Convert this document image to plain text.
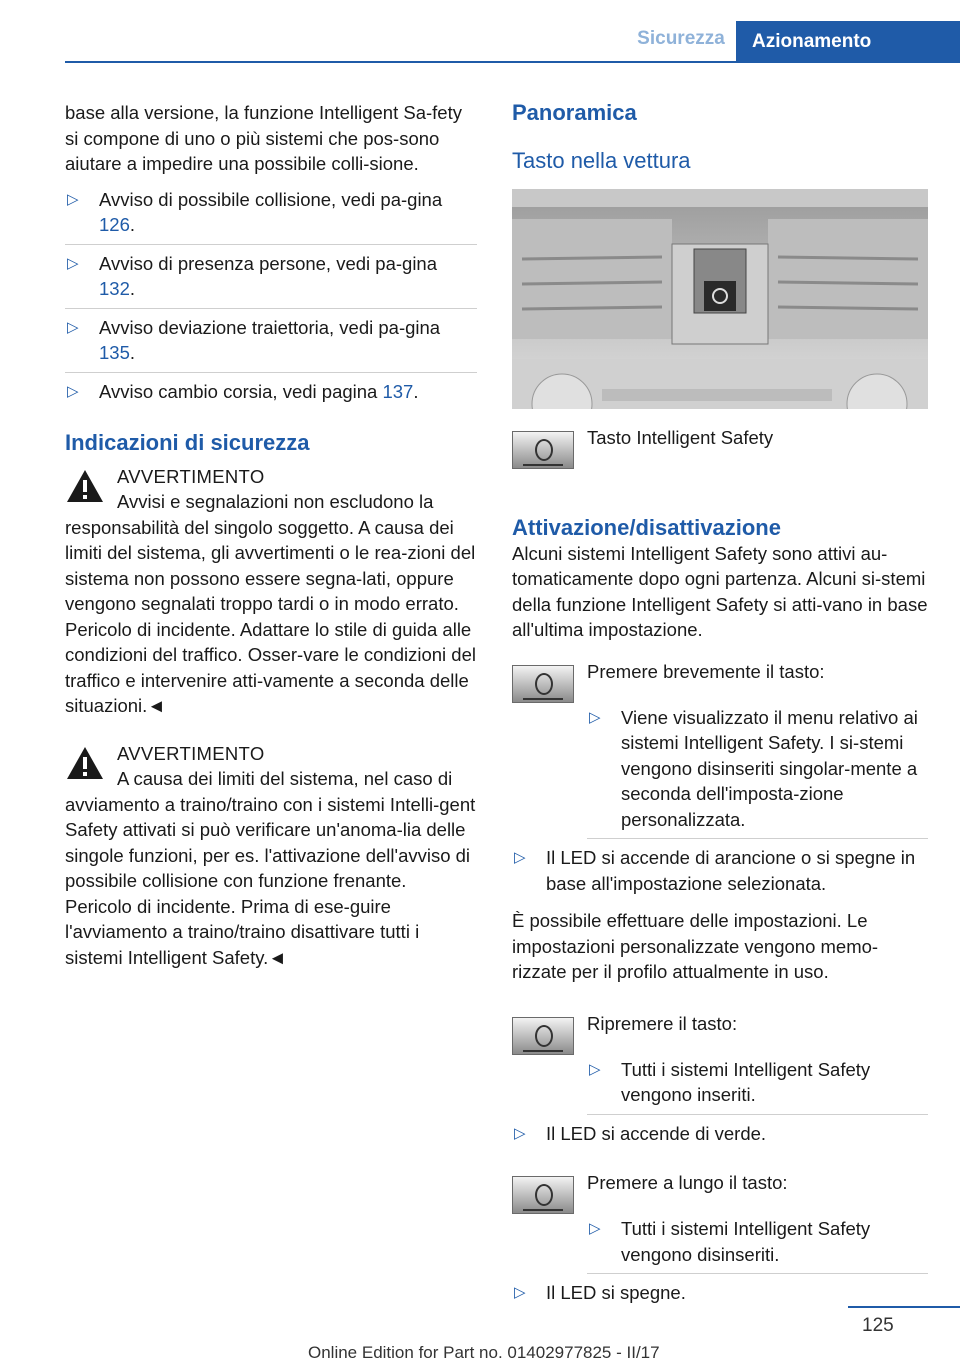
Sicurezza	Azionamento

base alla versione, la funzione Intelligent Sa-fety si compone di uno o più sistemi che pos-sono aiutare a impedire una possibile colli-sione.

▷ Avviso di possibile collisione, vedi pa-gina 126.
▷ Avviso di presenza persone, vedi pa-gina 132.
▷ Avviso deviazione traiettoria, vedi pa-gina 135.
▷ Avviso cambio corsia, vedi pagina 137.
Indicazioni di sicurezza
AVVERTIMENTO

Avvisi e segnalazioni non escludono la responsabilità del singolo soggetto. A causa dei limiti del sistema, gli avvertimenti o le rea-zioni del sistema non possono essere segna-lati, oppure vengono segnalati troppo tardi o in modo errato. Pericolo di incidente. Adattare lo stile di guida alle condizioni del traffico. Osser-vare le condizioni del traffico e intervenire atti-vamente a seconda delle situazioni.◄

AVVERTIMENTO

A causa dei limiti del sistema, nel caso di avviamento a traino/traino con i sistemi Intelli-gent Safety attivati si può verificare un'anoma-lia delle singole funzioni, per es. l'attivazione dell'avviso di possibile collisione con funzione frenante. Pericolo di incidente. Prima di ese-guire l'avviamento a traino/traino disattivare tutti i sistemi Intelligent Safety.◄

Panoramica
Tasto nella vettura
Tasto Intelligent Safety
Attivazione/disattivazione

Alcuni sistemi Intelligent Safety sono attivi au-tomaticamente dopo ogni partenza. Alcuni si-stemi della funzione Intelligent Safety si atti-vano in base all'ultima impostazione.

Premere brevemente il tasto:
▷ Viene visualizzato il menu relativo ai sistemi Intelligent Safety. I si-stemi vengono disinseriti singolar-mente a seconda dell'imposta-zione personalizzata.
▷ Il LED si accende di arancione o si spegne in base all'impostazione selezionata.

È possibile effettuare delle impostazioni. Le impostazioni personalizzate vengono memo-rizzate per il profilo attualmente in uso.

Ripremere il tasto:
▷ Tutti i sistemi Intelligent Safety vengono inseriti.
▷ Il LED si accende di verde.
Premere a lungo il tasto:
▷ Tutti i sistemi Intelligent Safety vengono disinseriti.
▷ Il LED si spegne.
125
Online Edition for Part no. 01402977825 - II/17
